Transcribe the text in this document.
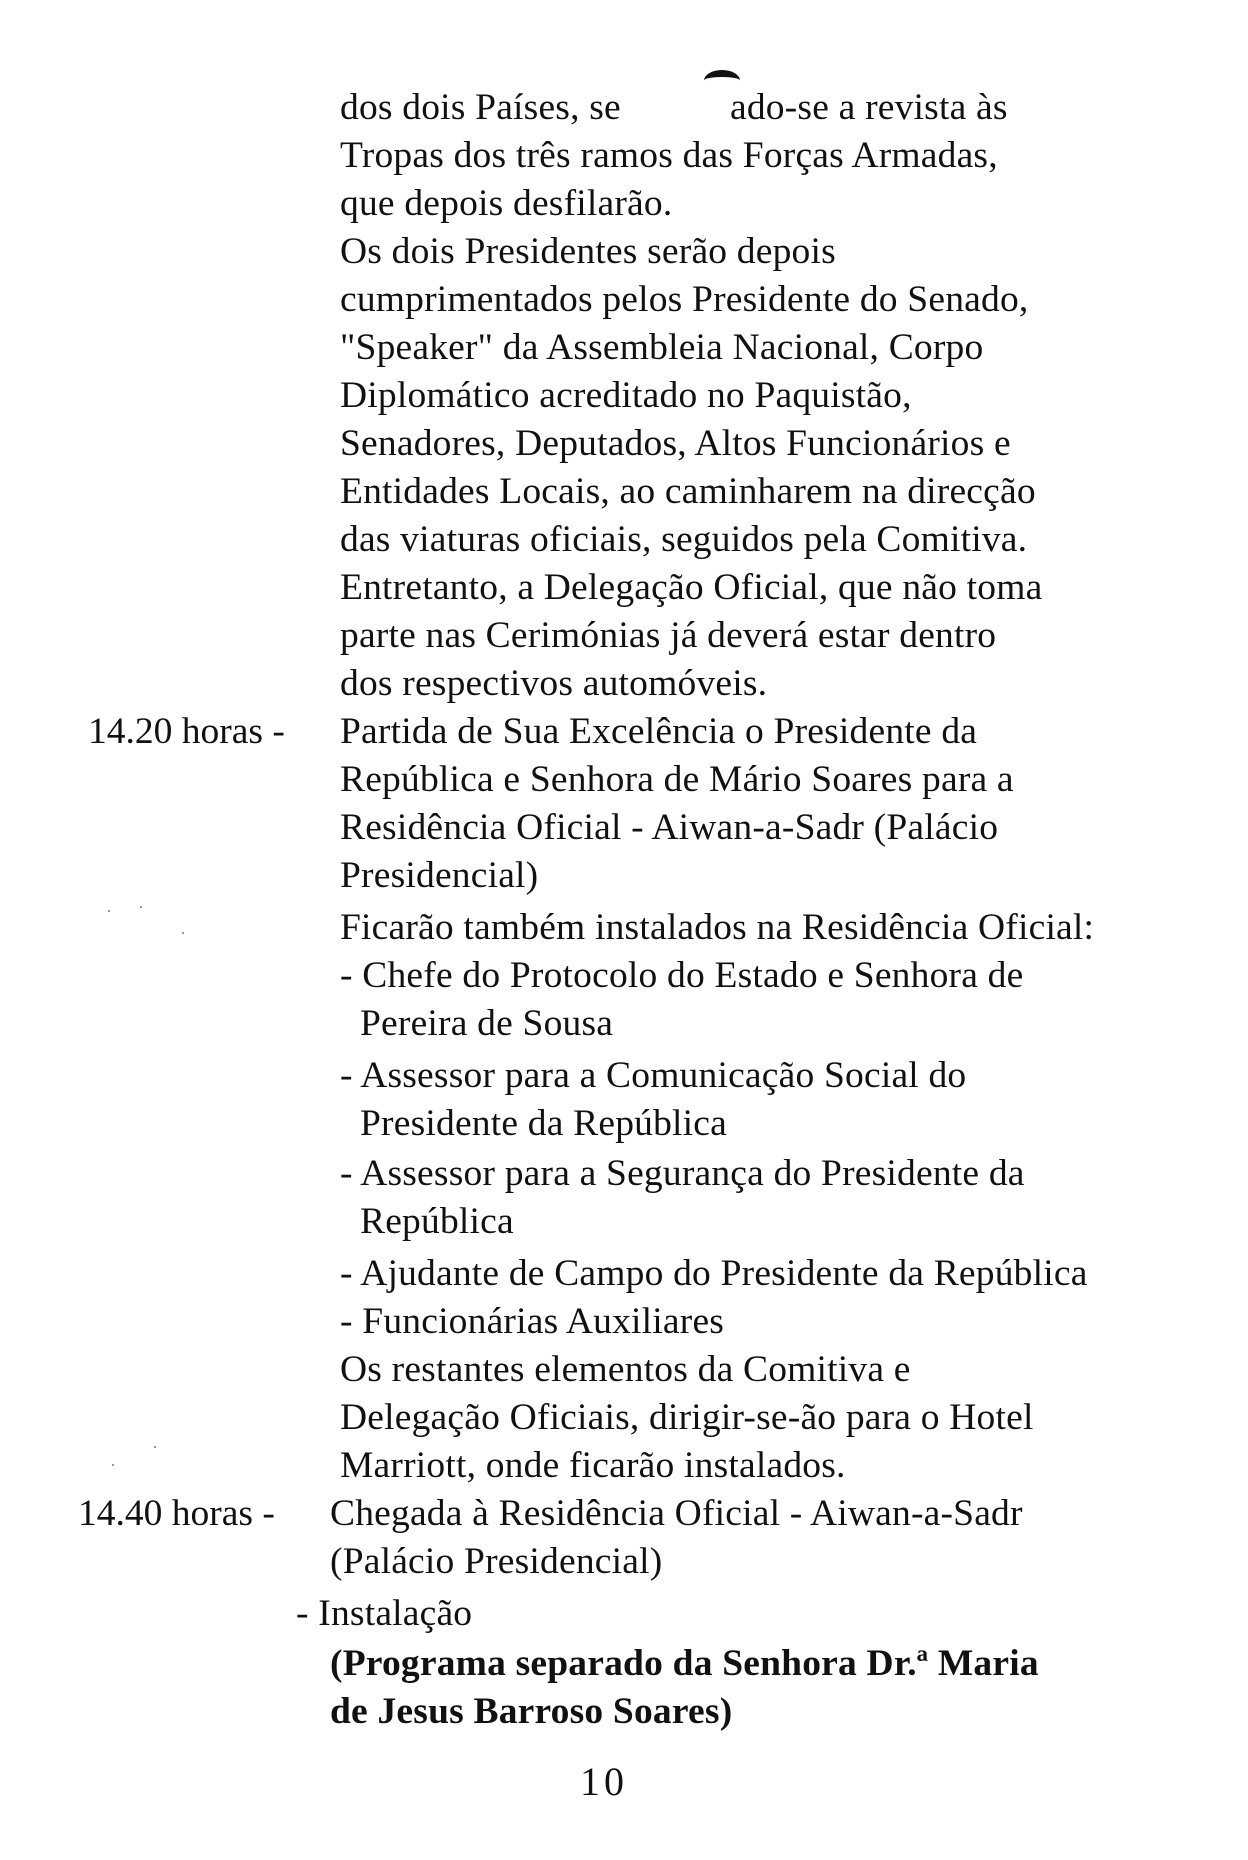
dos dois Países, se	ado-se a revista às
Tropas dos três ramos das Forças Armadas,
que depois desfilarão.
Os dois Presidentes serão depois
cumprimentados pelos Presidente do Senado,
"Speaker" da Assembleia Nacional, Corpo
Diplomático acreditado no Paquistão,
Senadores, Deputados, Altos Funcionários e
Entidades Locais, ao caminharem na direcção
das viaturas oficiais, seguidos pela Comitiva.
Entretanto, a Delegação Oficial, que não toma
parte nas Cerimónias já deverá estar dentro
dos respectivos automóveis.
14.20 horas - Partida de Sua Excelência o Presidente da
República e Senhora de Mário Soares para a
Residência Oficial - Aiwan-a-Sadr (Palácio
Presidencial)
Ficarão também instalados na Residência Oficial:
- Chefe do Protocolo do Estado e Senhora de
Pereira de Sousa
- Assessor para a Comunicação Social do
Presidente da República
- Assessor para a Segurança do Presidente da
República
- Ajudante de Campo do Presidente da República
- Funcionárias Auxiliares
Os restantes elementos da Comitiva e
Delegação Oficiais, dirigir-se-ão para o Hotel
Marriott, onde ficarão instalados.
14.40 horas - Chegada à Residência Oficial - Aiwan-a-Sadr
(Palácio Presidencial)
- Instalação
(Programa separado da Senhora Dr.ª Maria
de Jesus Barroso Soares)
10
